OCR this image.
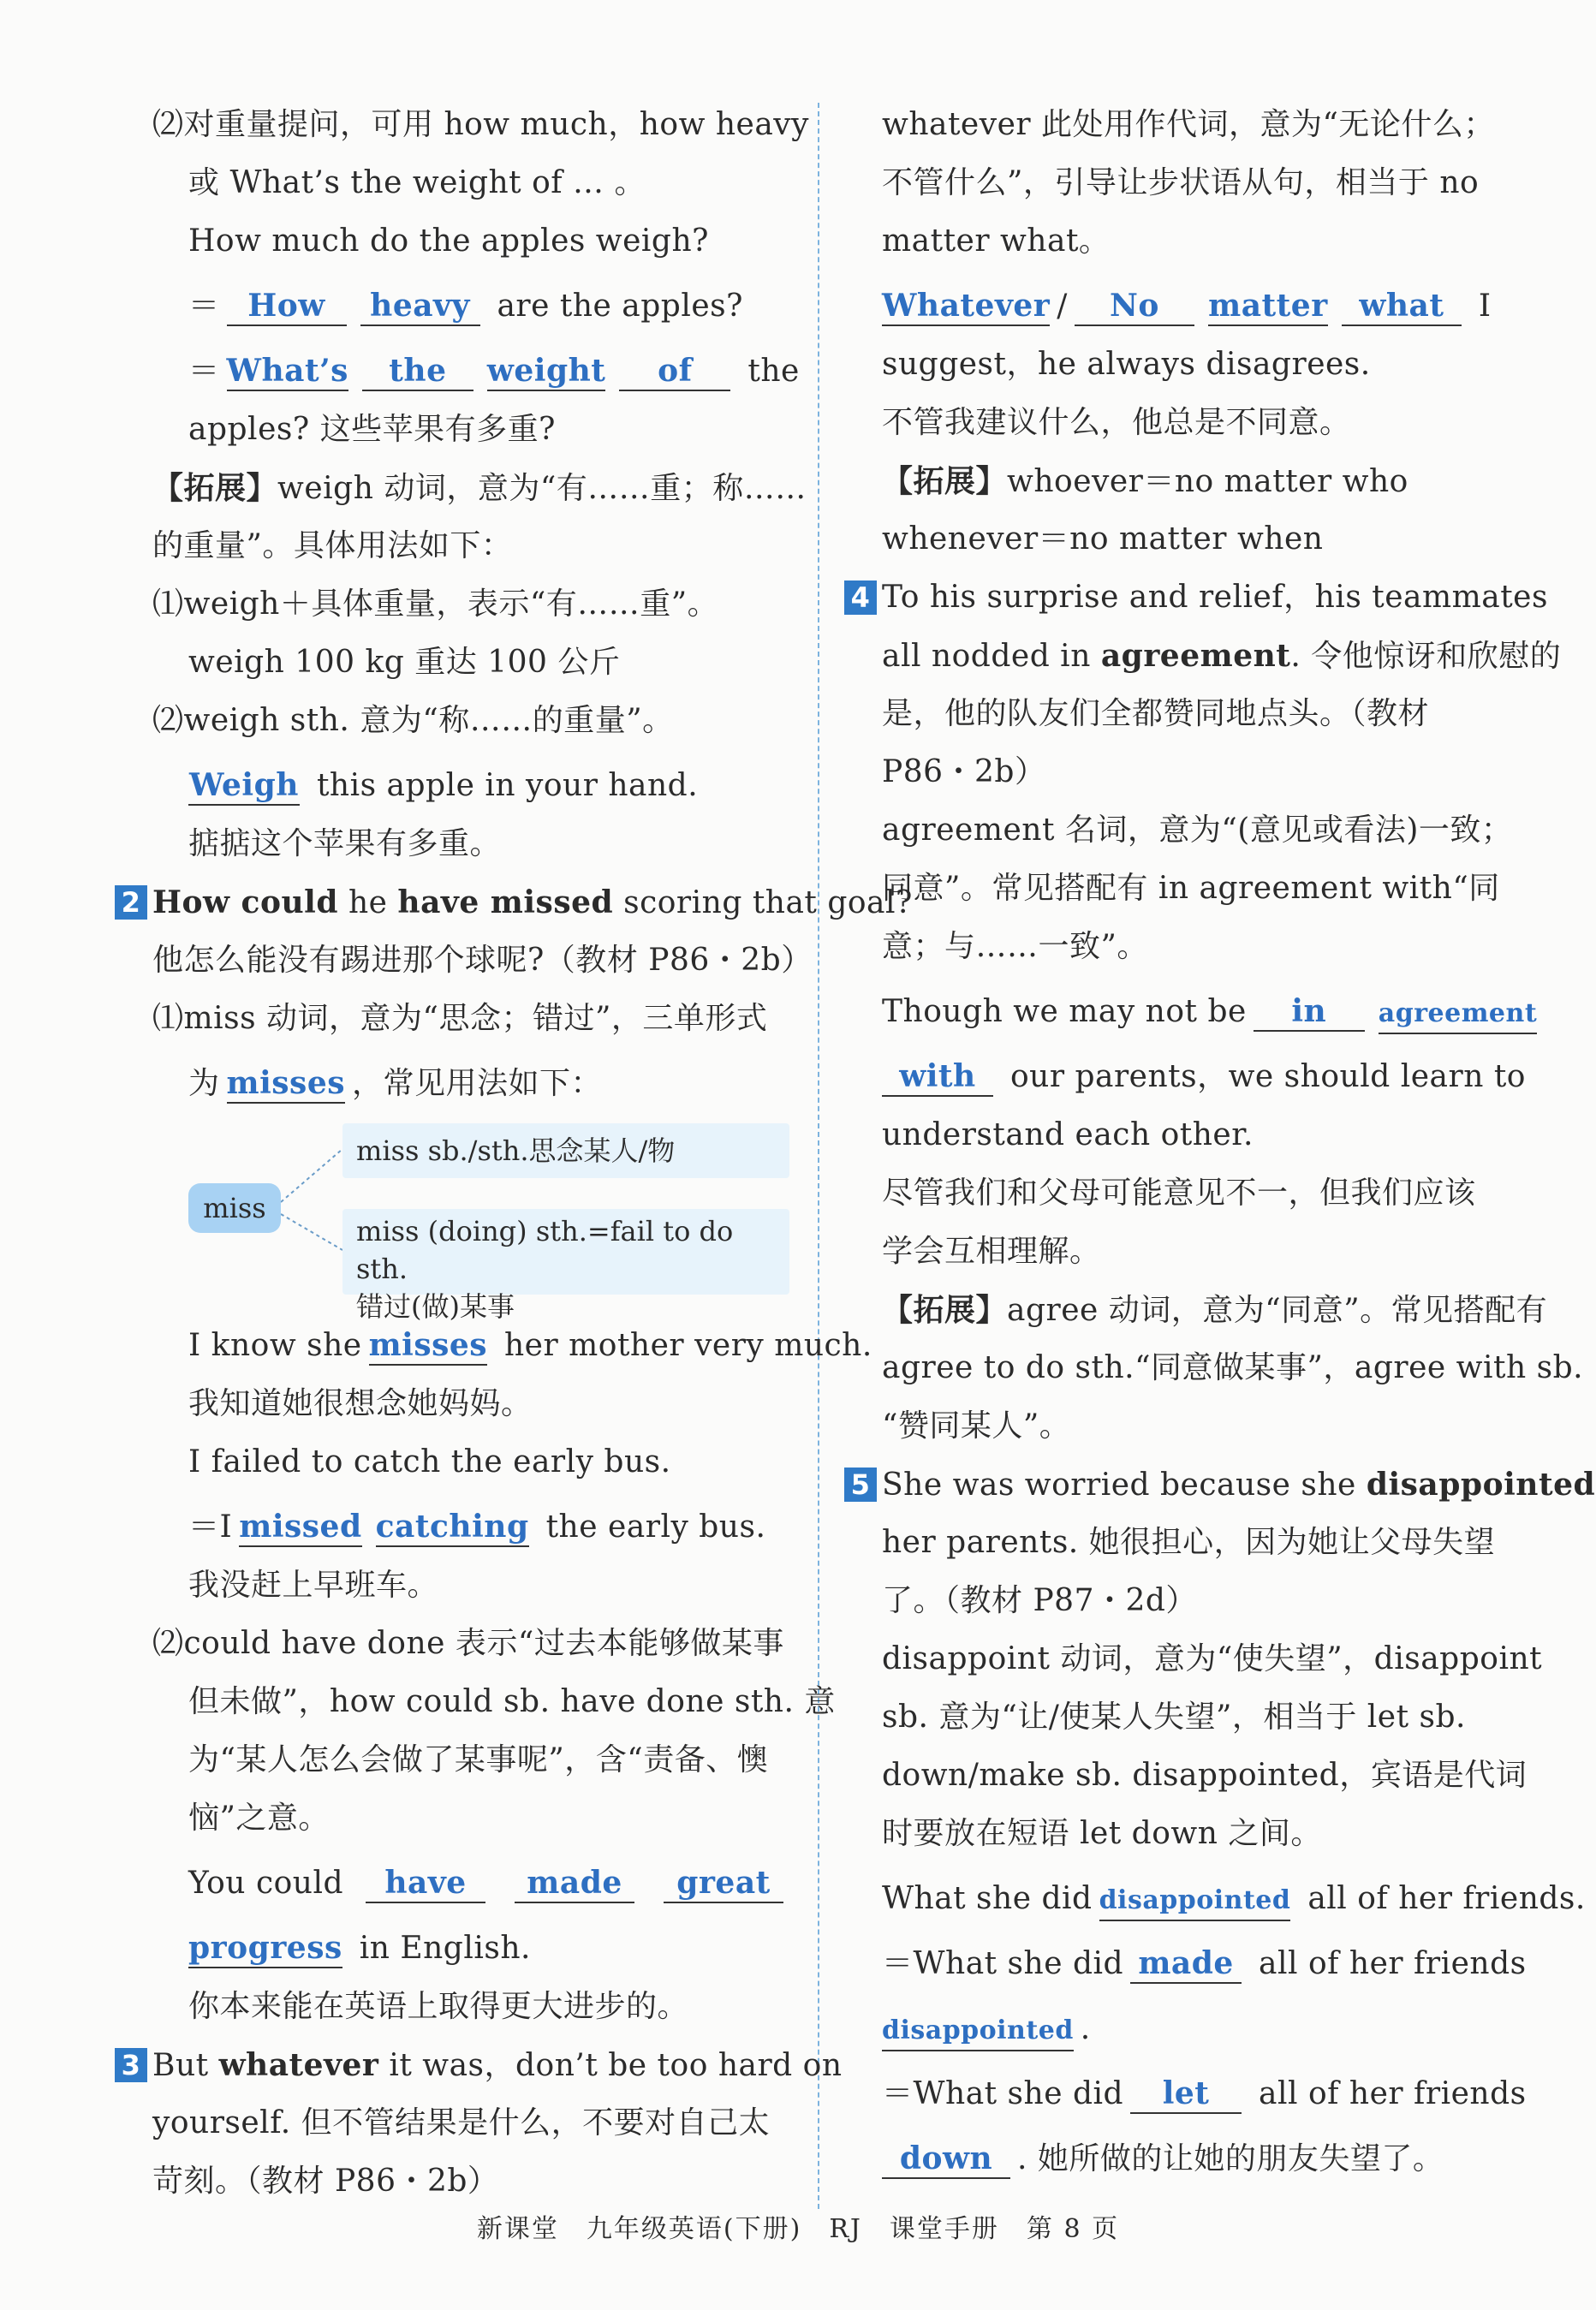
⑵对重量提问，可用 how much，how heavy
或 What’s the weight of … 。
How much do the apples weigh?
＝ How heavy are the apples?
＝ What’s the weight of the
apples? 这些苹果有多重?
【拓展】weigh 动词，意为“有……重；称……
的重量”。具体用法如下：
⑴weigh＋具体重量，表示“有……重”。
weigh 100 kg 重达 100 公斤
⑵weigh sth. 意为“称……的重量”。
Weigh this apple in your hand.
掂掂这个苹果有多重。
2 How could he have missed scoring that goal?
他怎么能没有踢进那个球呢?（教材 P86・2b）
⑴miss 动词，意为“思念；错过”，三单形式
为 misses ，常见用法如下：
miss
miss sb./sth.思念某人/物
miss (doing) sth.=fail to do sth.
错过(做)某事
I know she misses her mother very much.
我知道她很想念她妈妈。
I failed to catch the early bus.
＝I missed catching the early bus.
我没赶上早班车。
⑵could have done 表示“过去本能够做某事
但未做”，how could sb. have done sth. 意
为“某人怎么会做了某事呢”，含“责备、懊
恼”之意。
You could have made great
progress in English.
你本来能在英语上取得更大进步的。
3 But whatever it was，don’t be too hard on
yourself. 但不管结果是什么，不要对自己太
苛刻。（教材 P86・2b）
whatever 此处用作代词，意为“无论什么；
不管什么”，引导让步状语从句，相当于 no
matter what。
Whatever / No matter what I
suggest，he always disagrees.
不管我建议什么，他总是不同意。
【拓展】whoever＝no matter who
whenever＝no matter when
4 To his surprise and relief，his teammates
all nodded in agreement. 令他惊讶和欣慰的
是，他的队友们全都赞同地点头。（教材
P86・2b）
agreement 名词，意为“(意见或看法)一致；
同意”。常见搭配有 in agreement with“同
意；与……一致”。
Though we may not be in agreement
with our parents，we should learn to
understand each other.
尽管我们和父母可能意见不一，但我们应该
学会互相理解。
【拓展】agree 动词，意为“同意”。常见搭配有
agree to do sth.“同意做某事”，agree with sb.
“赞同某人”。
5 She was worried because she disappointed
her parents. 她很担心，因为她让父母失望
了。（教材 P87・2d）
disappoint 动词，意为“使失望”，disappoint
sb. 意为“让/使某人失望”，相当于 let sb.
down/make sb. disappointed，宾语是代词
时要放在短语 let down 之间。
What she did disappointed all of her friends.
＝What she did made all of her friends
disappointed .
＝What she did let all of her friends
down . 她所做的让她的朋友失望了。
新课堂　九年级英语(下册)　RJ　课堂手册　第 8 页
